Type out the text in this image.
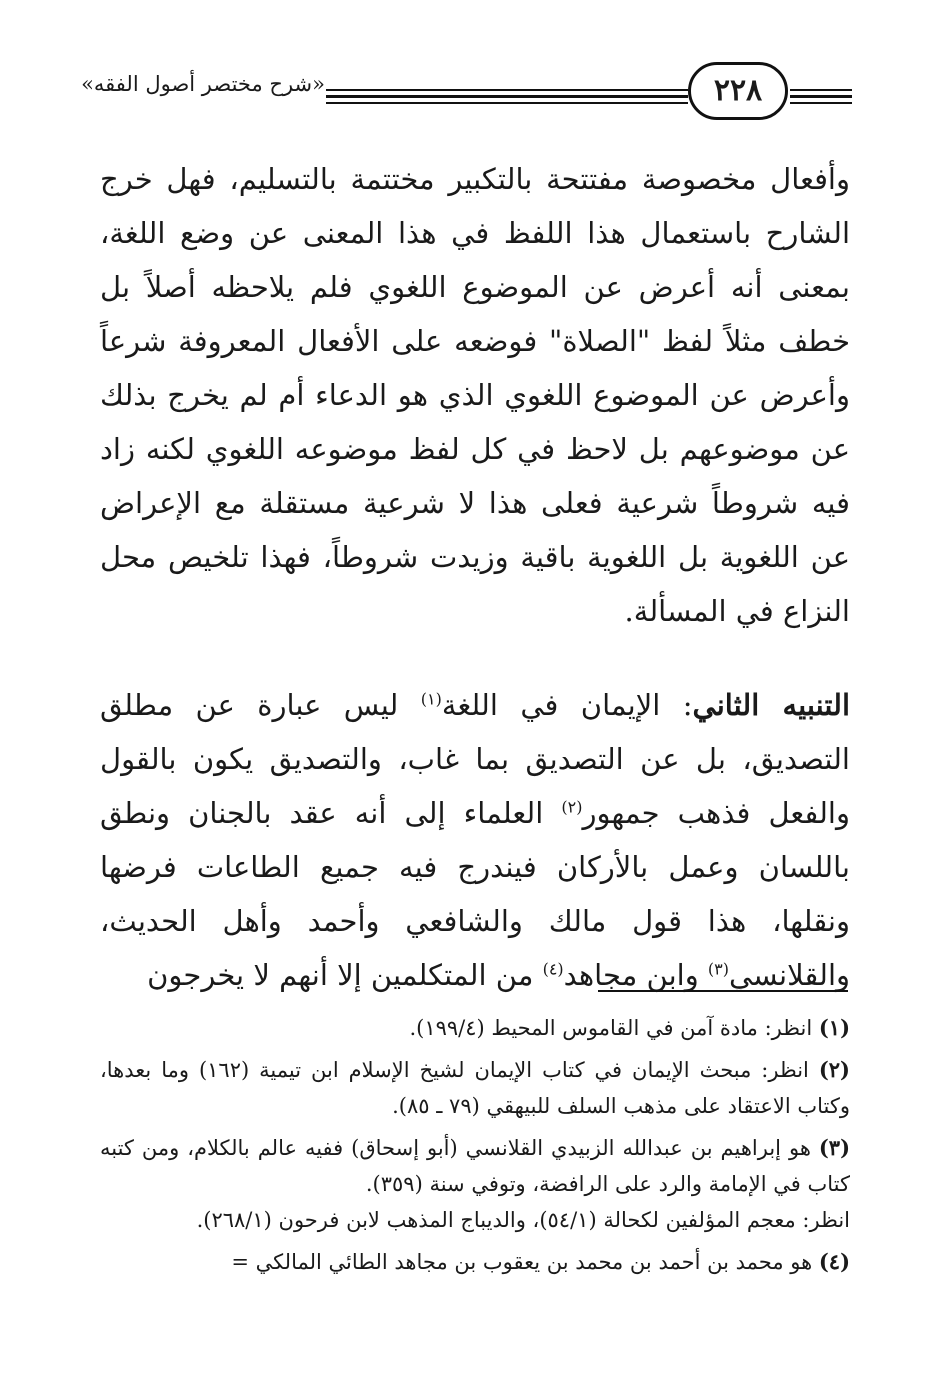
«شرح مختصر أصول الفقه»	٢٢٨

وأفعال مخصوصة مفتتحة بالتكبير مختتمة بالتسليم، فهل خرج الشارح باستعمال هذا اللفظ في هذا المعنى عن وضع اللغة، بمعنى أنه أعرض عن الموضوع اللغوي فلم يلاحظه أصلاً بل خطف مثلاً لفظ "الصلاة" فوضعه على الأفعال المعروفة شرعاً وأعرض عن الموضوع اللغوي الذي هو الدعاء أم لم يخرج بذلك عن موضوعهم بل لاحظ في كل لفظ موضوعه اللغوي لكنه زاد فيه شروطاً شرعية فعلى هذا لا شرعية مستقلة مع الإعراض عن اللغوية بل اللغوية باقية وزيدت شروطاً، فهذا تلخيص محل النزاع في المسألة.

التنبيه الثاني: الإيمان في اللغة$^{(١)}$ ليس عبارة عن مطلق التصديق، بل عن التصديق بما غاب، والتصديق يكون بالقول والفعل فذهب جمهور$^{(٢)}$ العلماء إلى أنه عقد بالجنان ونطق باللسان وعمل بالأركان فيندرج فيه جميع الطاعات فرضها ونقلها، هذا قول مالك والشافعي وأحمد وأهل الحديث، والقلانسي$^{(٣)}$ وابن مجاهد$^{(٤)}$ من المتكلمين إلا أنهم لا يخرجون

(١) انظر: مادة آمن في القاموس المحيط (١٩٩/٤).

(٢) انظر: مبحث الإيمان في كتاب الإيمان لشيخ الإسلام ابن تيمية (١٦٢) وما بعدها، وكتاب الاعتقاد على مذهب السلف للبيهقي (٧٩ ـ ٨٥).

(٣) هو إبراهيم بن عبدالله الزبيدي القلانسي (أبو إسحاق) ففيه عالم بالكلام، ومن كتبه كتاب في الإمامة والرد على الرافضة، وتوفي سنة (٣٥٩).
انظر: معجم المؤلفين لكحالة (٥٤/١)، والديباج المذهب لابن فرحون (٢٦٨/١).

(٤) هو محمد بن أحمد بن محمد بن يعقوب بن مجاهد الطائي المالكي =
